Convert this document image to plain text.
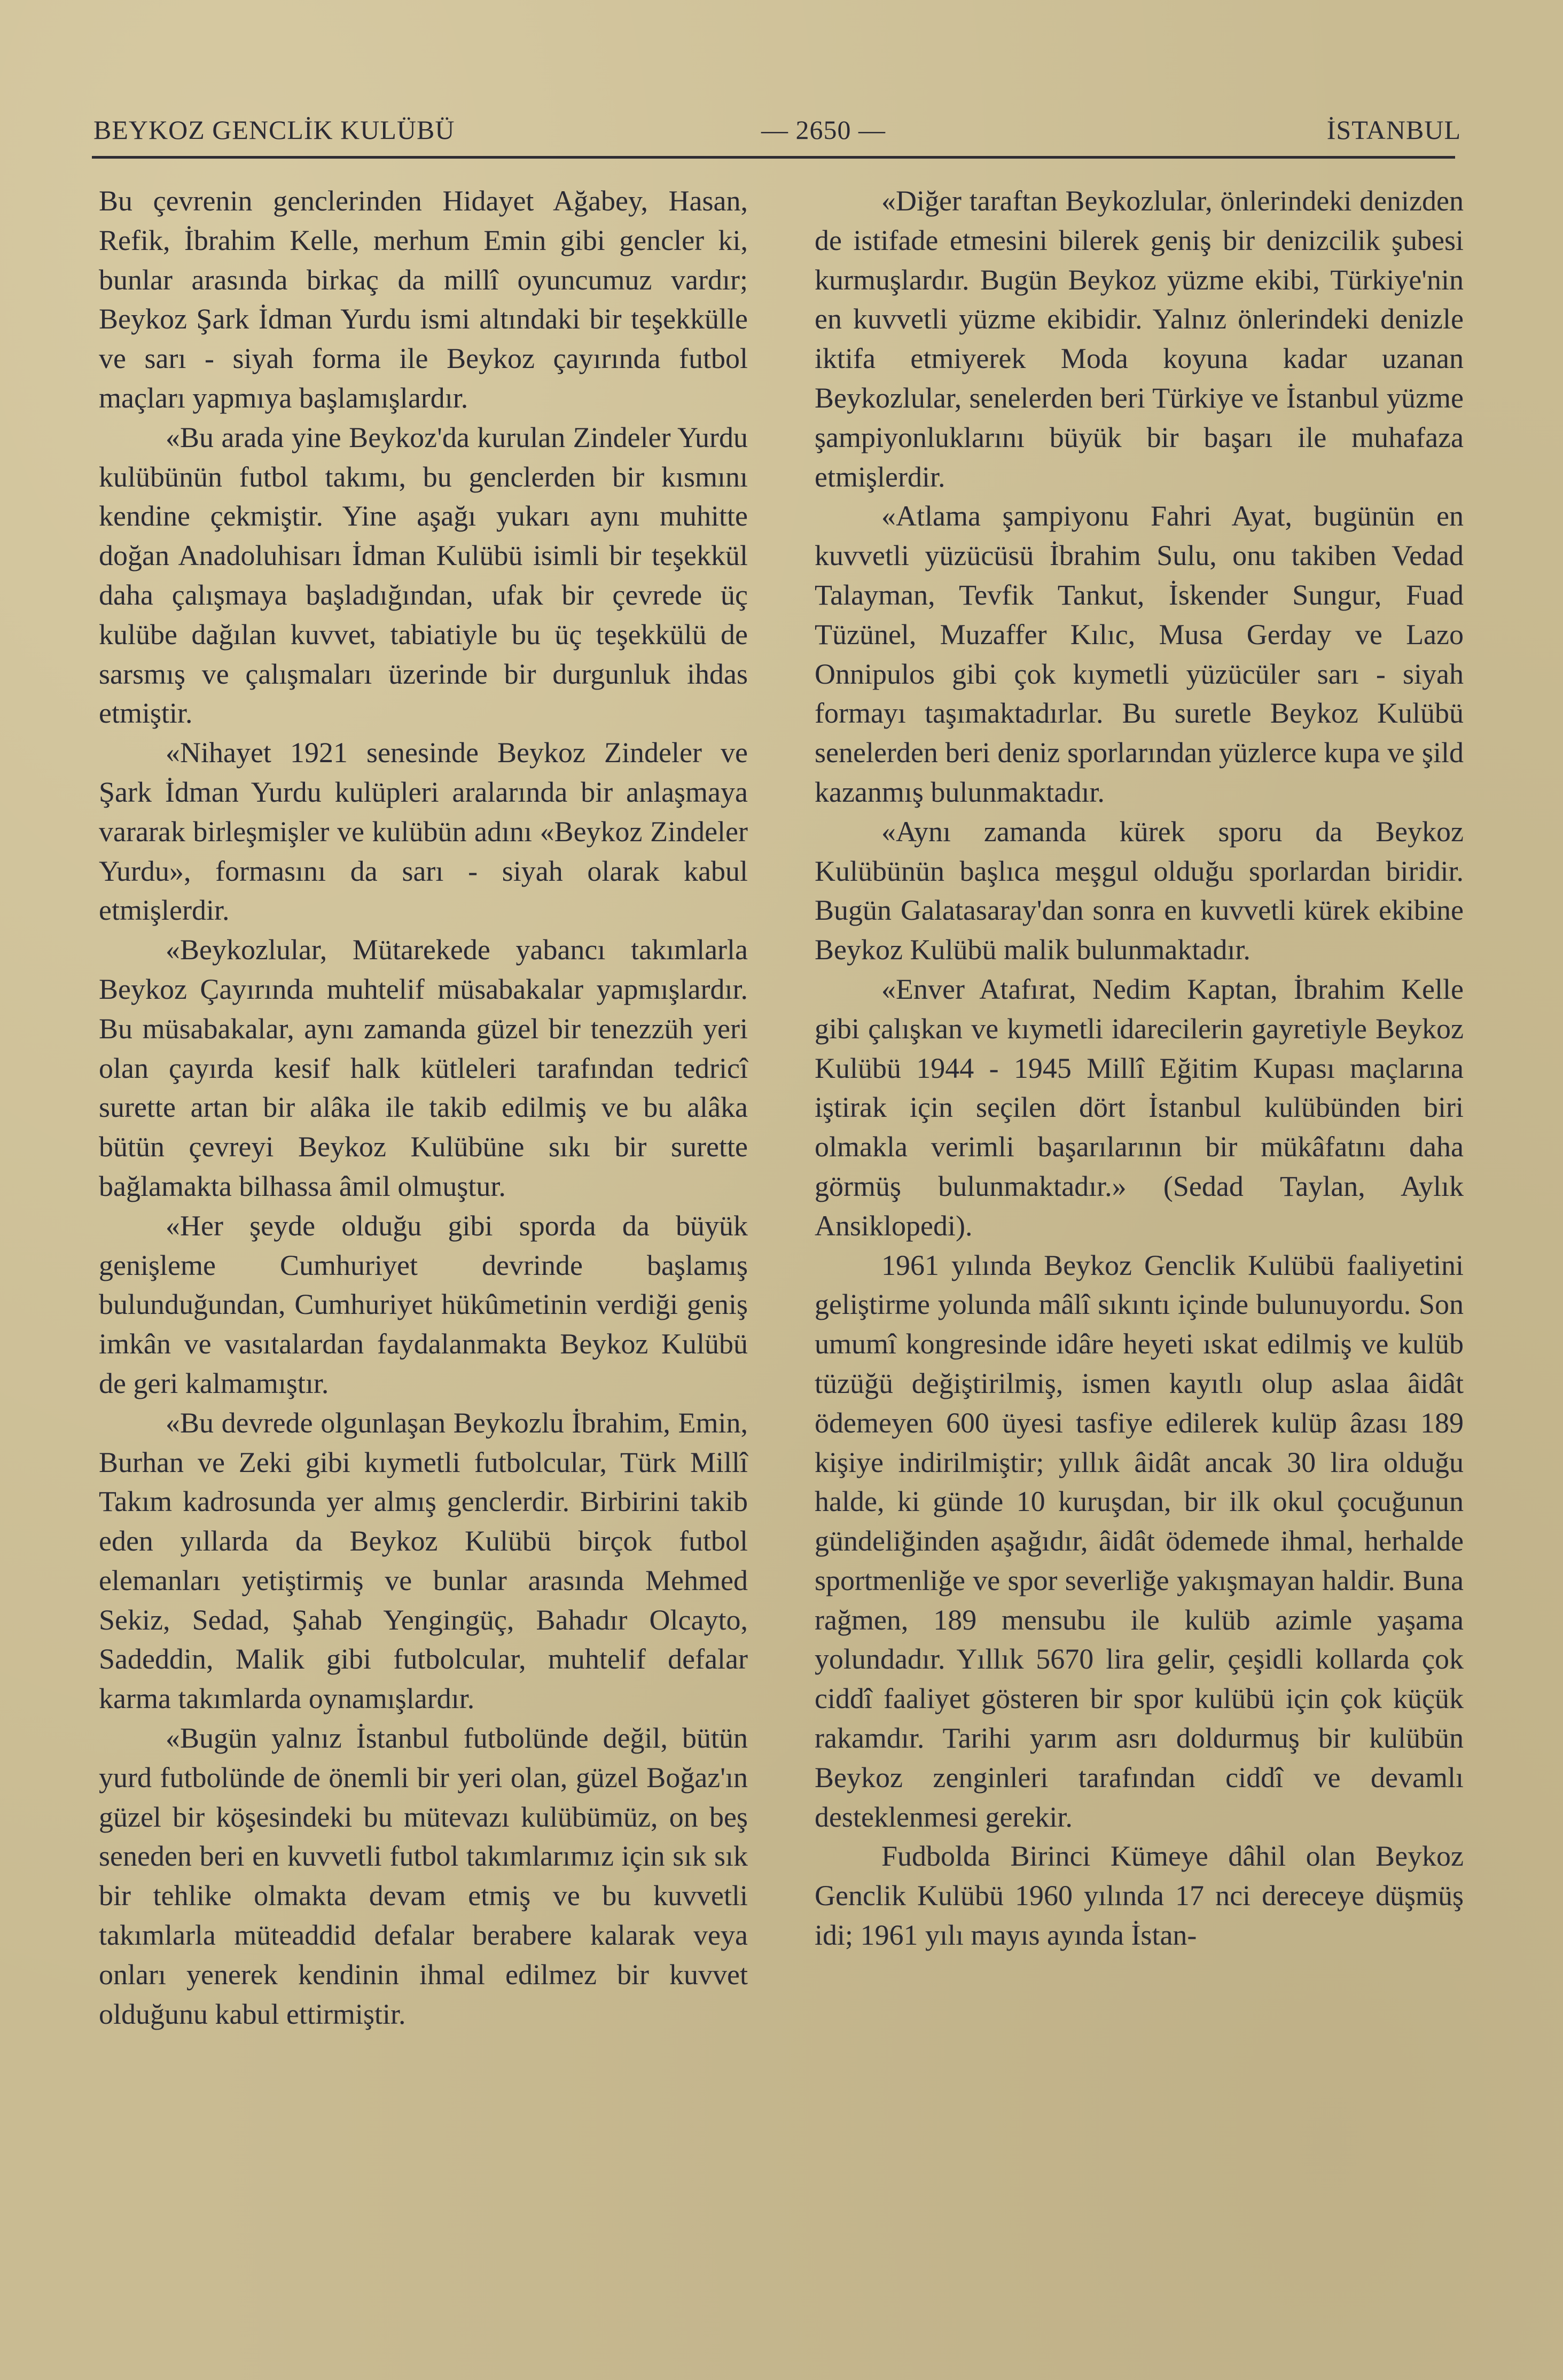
BEYKOZ GENCLİK KULÜBÜ	— 2650 —	İSTANBUL

Bu çevrenin genclerinden Hidayet Ağabey, Hasan, Refik, İbrahim Kelle, merhum Emin gibi gencler ki, bunlar arasında birkaç da millî oyuncumuz vardır; Beykoz Şark İdman Yurdu ismi altındaki bir teşekkülle ve sarı - siyah forma ile Beykoz çayırında futbol maçları yapmıya başlamışlardır.

«Bu arada yine Beykoz'da kurulan Zindeler Yurdu kulübünün futbol takımı, bu genclerden bir kısmını kendine çekmiştir. Yine aşağı yukarı aynı muhitte doğan Anadoluhisarı İdman Kulübü isimli bir teşekkül daha çalışmaya başladığından, ufak bir çevrede üç kulübe dağılan kuvvet, tabiatiyle bu üç teşekkülü de sarsmış ve çalışmaları üzerinde bir durgunluk ihdas etmiştir.

«Nihayet 1921 senesinde Beykoz Zindeler ve Şark İdman Yurdu kulüpleri aralarında bir anlaşmaya vararak birleşmişler ve kulübün adını «Beykoz Zindeler Yurdu», formasını da sarı - siyah olarak kabul etmişlerdir.

«Beykozlular, Mütarekede yabancı takımlarla Beykoz Çayırında muhtelif müsabakalar yapmışlardır. Bu müsabakalar, aynı zamanda güzel bir tenezzüh yeri olan çayırda kesif halk kütleleri tarafından tedricî surette artan bir alâka ile takib edilmiş ve bu alâka bütün çevreyi Beykoz Kulübüne sıkı bir surette bağlamakta bilhassa âmil olmuştur.

«Her şeyde olduğu gibi sporda da büyük genişleme Cumhuriyet devrinde başlamış bulunduğundan, Cumhuriyet hükûmetinin verdiği geniş imkân ve vasıtalardan faydalanmakta Beykoz Kulübü de geri kalmamıştır.

«Bu devrede olgunlaşan Beykozlu İbrahim, Emin, Burhan ve Zeki gibi kıymetli futbolcular, Türk Millî Takım kadrosunda yer almış genclerdir. Birbirini takib eden yıllarda da Beykoz Kulübü birçok futbol elemanları yetiştirmiş ve bunlar arasında Mehmed Sekiz, Sedad, Şahab Yengingüç, Bahadır Olcayto, Sadeddin, Malik gibi futbolcular, muhtelif defalar karma takımlarda oynamışlardır.

«Bugün yalnız İstanbul futbolünde değil, bütün yurd futbolünde de önemli bir yeri olan, güzel Boğaz'ın güzel bir köşesindeki bu mütevazı kulübümüz, on beş seneden beri en kuvvetli futbol takımlarımız için sık sık bir tehlike olmakta devam etmiş ve bu kuvvetli takımlarla müteaddid defalar berabere kalarak veya onları yenerek kendinin ihmal edilmez bir kuvvet olduğunu kabul ettirmiştir.

«Diğer taraftan Beykozlular, önlerindeki denizden de istifade etmesini bilerek geniş bir denizcilik şubesi kurmuşlardır. Bugün Beykoz yüzme ekibi, Türkiye'nin en kuvvetli yüzme ekibidir. Yalnız önlerindeki denizle iktifa etmiyerek Moda koyuna kadar uzanan Beykozlular, senelerden beri Türkiye ve İstanbul yüzme şampiyonluklarını büyük bir başarı ile muhafaza etmişlerdir.

«Atlama şampiyonu Fahri Ayat, bugünün en kuvvetli yüzücüsü İbrahim Sulu, onu takiben Vedad Talayman, Tevfik Tankut, İskender Sungur, Fuad Tüzünel, Muzaffer Kılıc, Musa Gerday ve Lazo Onnipulos gibi çok kıymetli yüzücüler sarı - siyah formayı taşımaktadırlar. Bu suretle Beykoz Kulübü senelerden beri deniz sporlarından yüzlerce kupa ve şild kazanmış bulunmaktadır.

«Aynı zamanda kürek sporu da Beykoz Kulübünün başlıca meşgul olduğu sporlardan biridir. Bugün Galatasaray'dan sonra en kuvvetli kürek ekibine Beykoz Kulübü malik bulunmaktadır.

«Enver Atafırat, Nedim Kaptan, İbrahim Kelle gibi çalışkan ve kıymetli idarecilerin gayretiyle Beykoz Kulübü 1944 - 1945 Millî Eğitim Kupası maçlarına iştirak için seçilen dört İstanbul kulübünden biri olmakla verimli başarılarının bir mükâfatını daha görmüş bulunmaktadır.» (Sedad Taylan, Aylık Ansiklopedi).

1961 yılında Beykoz Genclik Kulübü faaliyetini geliştirme yolunda mâlî sıkıntı içinde bulunuyordu. Son umumî kongresinde idâre heyeti ıskat edilmiş ve kulüb tüzüğü değiştirilmiş, ismen kayıtlı olup aslaa âidât ödemeyen 600 üyesi tasfiye edilerek kulüp âzası 189 kişiye indirilmiştir; yıllık âidât ancak 30 lira olduğu halde, ki günde 10 kuruşdan, bir ilk okul çocuğunun gündeliğinden aşağıdır, âidât ödemede ihmal, herhalde sportmenliğe ve spor severliğe yakışmayan haldir. Buna rağmen, 189 mensubu ile kulüb azimle yaşama yolundadır. Yıllık 5670 lira gelir, çeşidli kollarda çok ciddî faaliyet gösteren bir spor kulübü için çok küçük rakamdır. Tarihi yarım asrı doldurmuş bir kulübün Beykoz zenginleri tarafından ciddî ve devamlı desteklenmesi gerekir.

Fudbolda Birinci Kümeye dâhil olan Beykoz Genclik Kulübü 1960 yılında 17 nci dereceye düşmüş idi; 1961 yılı mayıs ayında İstan-
